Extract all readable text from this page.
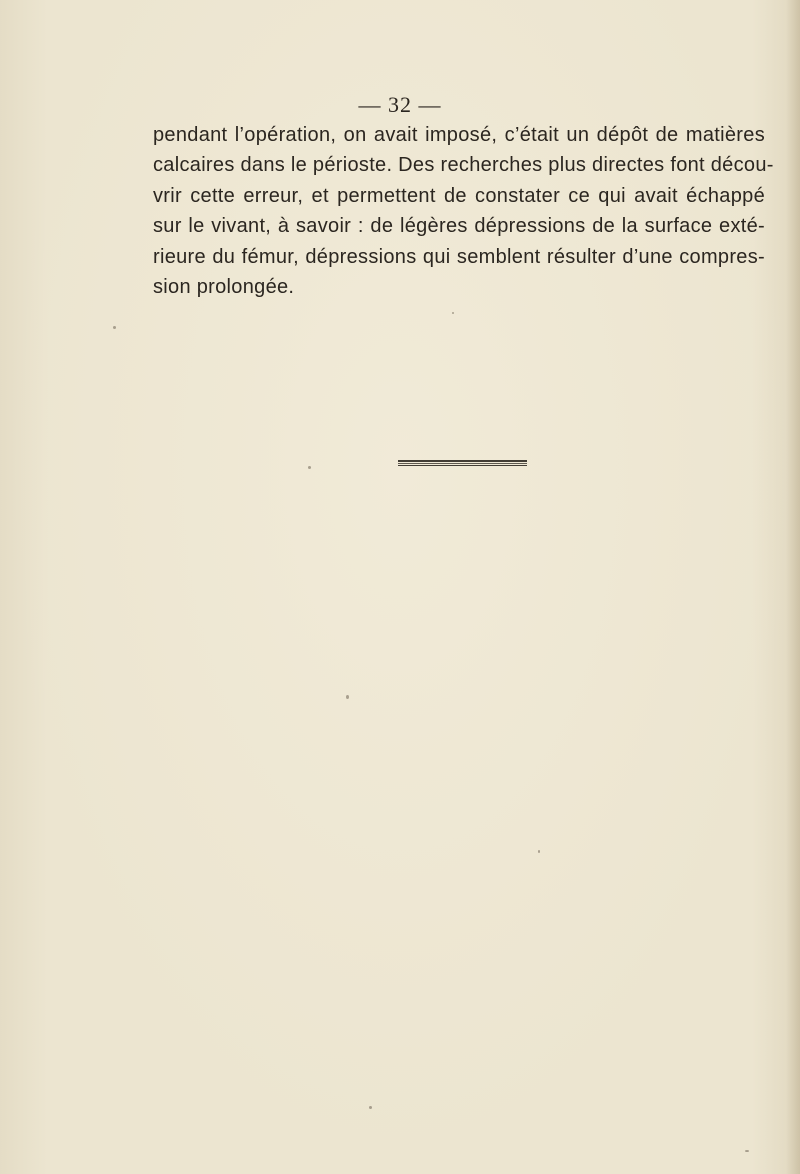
— 32 —
pendant l’opération, on avait imposé, c’était un dépôt de matières
calcaires dans le périoste. Des recherches plus directes font décou-
vrir cette erreur, et permettent de constater ce qui avait échappé
sur le vivant, à savoir : de légères dépressions de la surface exté-
rieure du fémur, dépressions qui semblent résulter d’une compres-
sion prolongée.
